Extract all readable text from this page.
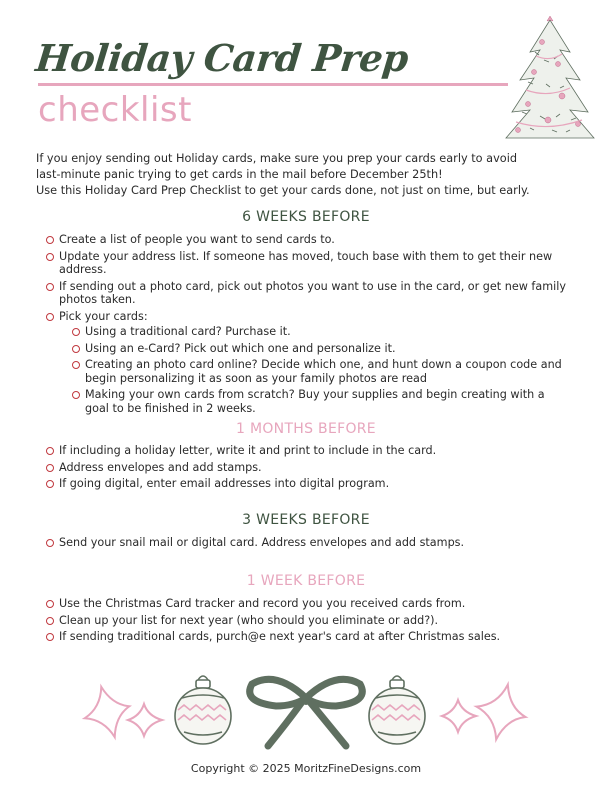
Holiday Card Prep
checklist

If you enjoy sending out Holiday cards, make sure you prep your cards early to avoid

last-minute panic trying to get cards in the mail before December 25th!

Use this Holiday Card Prep Checklist to get your cards done, not just on time, but early.

6 WEEKS BEFORE
Create a list of people you want to send cards to.
Update your address list. If someone has moved, touch base with them to get their new address.
If sending out a photo card, pick out photos you want to use in the card, or get new family photos taken.
Pick your cards:
Using a traditional card? Purchase it.
Using an e-Card? Pick out which one and personalize it.
Creating an photo card online? Decide which one, and hunt down a coupon code and begin personalizing it as soon as your family photos are read
Making your own cards from scratch? Buy your supplies and begin creating with a goal to be finished in 2 weeks.
1 MONTHS BEFORE
If including a holiday letter, write it and print to include in the card.
Address envelopes and add stamps.
If going digital, enter email addresses into digital program.
3 WEEKS BEFORE
Send your snail mail or digital card. Address envelopes and add stamps.
1 WEEK BEFORE
Use the Christmas Card tracker and record you you received cards from.
Clean up your list for next year (who should you eliminate or add?).
If sending traditional cards, purch@e next year's card at after Christmas sales.
Copyright © 2025 MoritzFineDesigns.com
